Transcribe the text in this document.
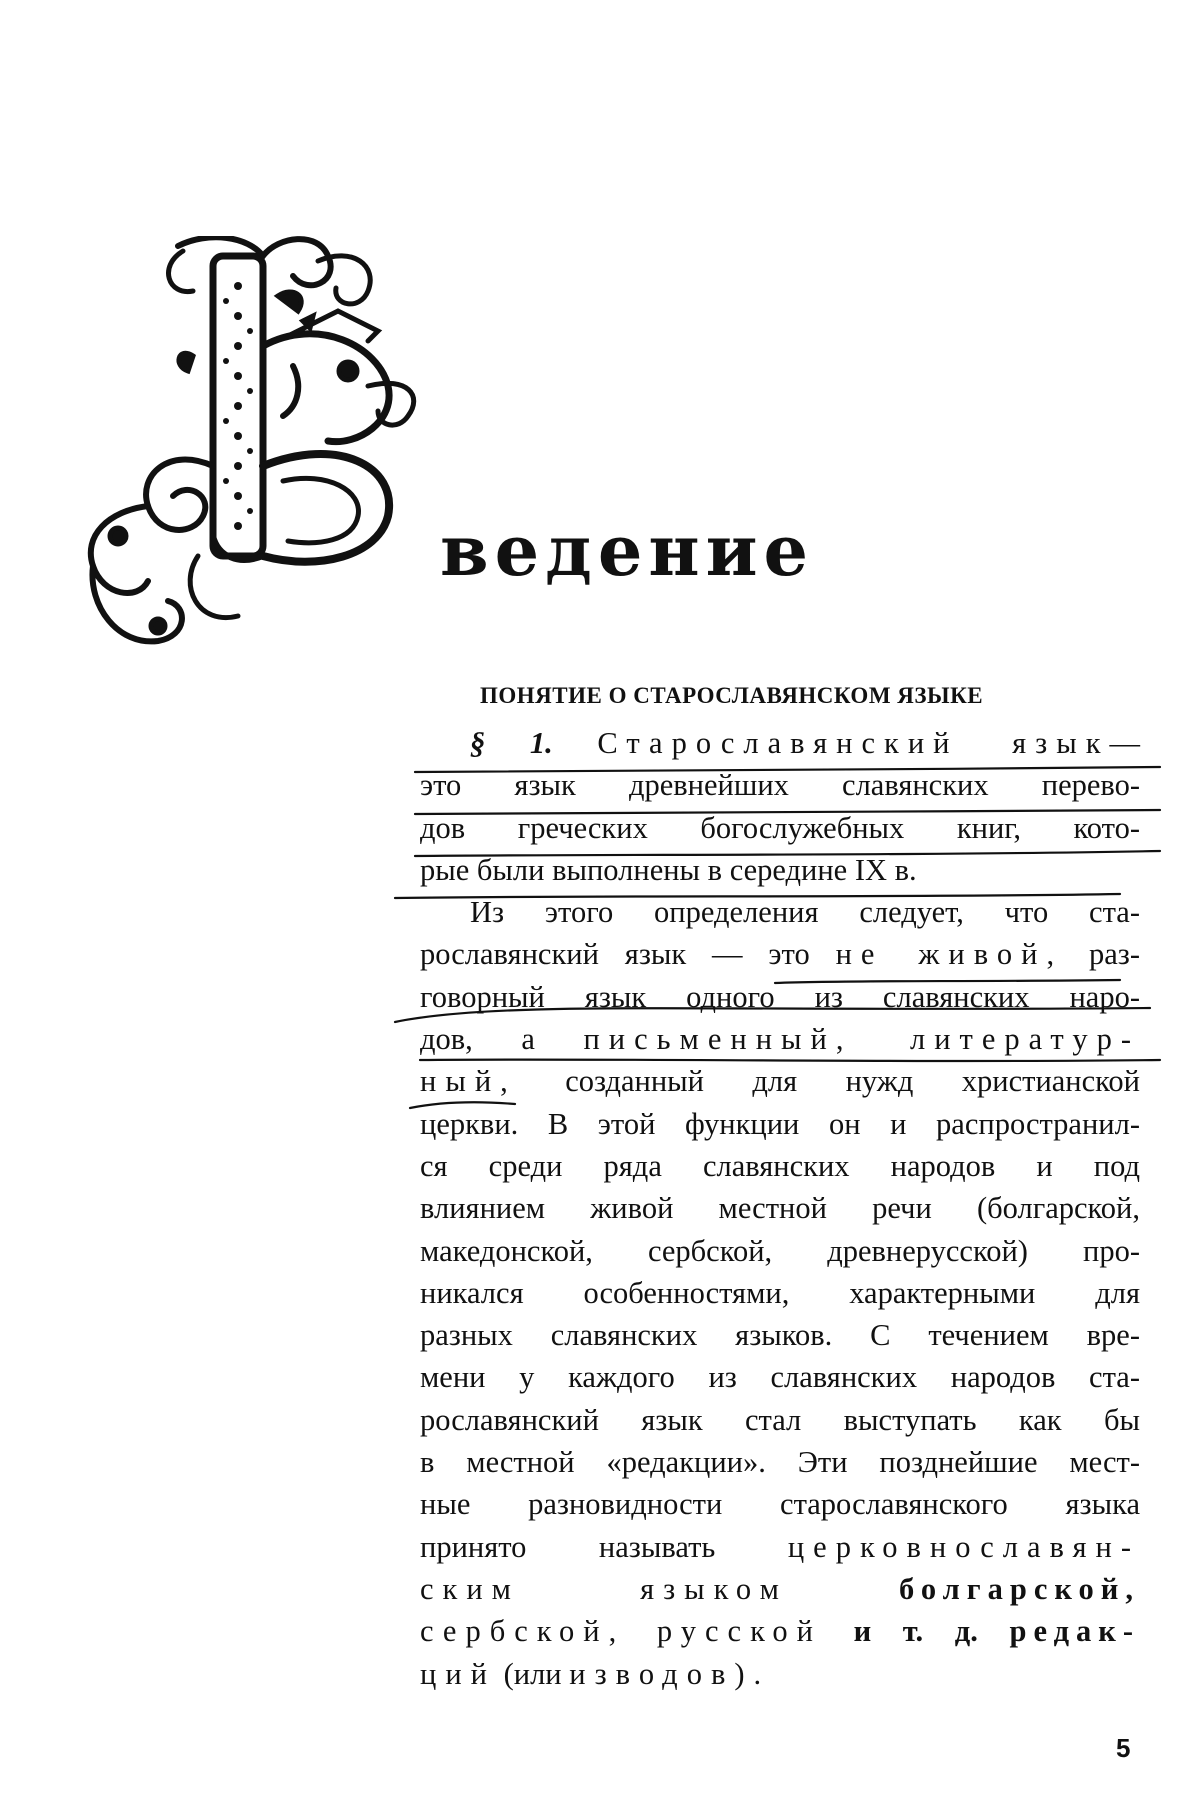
ведение
ПОНЯТИЕ О СТАРОСЛАВЯНСКОМ ЯЗЫКЕ
§ 1. Старославянский язык—
это язык древнейших славянских перево-
дов греческих богослужебных книг, кото-
рые были выполнены в середине IX в.
Из этого определения следует, что ста-
рославянский язык — это не живой, раз-
говорный язык одного из славянских наро-
дов, а письменный, литератур-
ный, созданный для нужд христианской
церкви. В этой функции он и распространил-
ся среди ряда славянских народов и под
влиянием живой местной речи (болгарской,
македонской, сербской, древнерусской) про-
никался особенностями, характерными для
разных славянских языков. С течением вре-
мени у каждого из славянских народов ста-
рославянский язык стал выступать как бы
в местной «редакции». Эти позднейшие мест-
ные разновидности старославянского языка
принято называть церковнославян-
ским языком	болгарской,
сербской, русской и т. д. редак-
ций (или изводов).
5
